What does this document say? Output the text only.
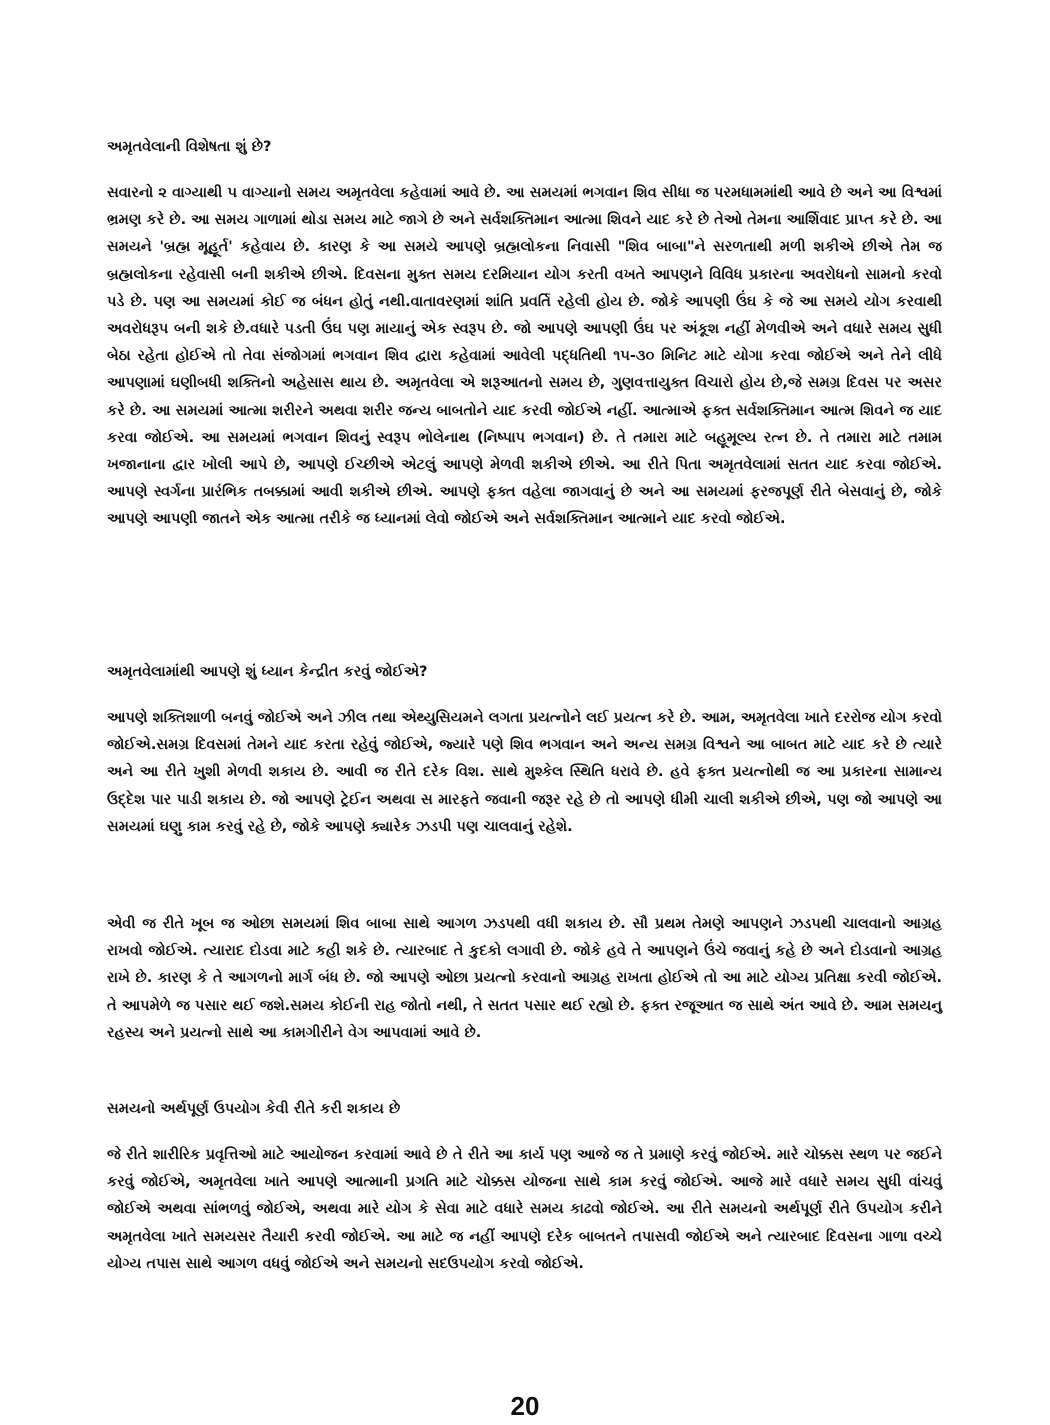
અમૃતવેલાની વિશેષતા શું છે?

સવારનો ૨ વાગ્યાથી ૫ વાગ્યાનો સમય અમૃતવેલા કહેવામાં આવે છે. આ સમયમાં ભગવાન શિવ સીધા જ પરમધામમાંથી આવે છે અને આ વિશ્વમાં ભ્રમણ કરે છે. આ સમય ગાળામાં થોડા સમય માટે જાગે છે અને સર્વશક્તિમાન આત્મા શિવને યાદ કરે છે તેઓ તેમના આર્શિવાદ પ્રાપ્ત કરે છે. આ સમયને 'બ્રહ્મ મૂહૂર્ત' કહેવાય છે. કારણ કે આ સમયે આપણે બ્રહ્મલોકના નિવાસી "શિવ બાબા"ને સરળતાથી મળી શકીએ છીએ તેમ જ બ્રહ્મલોકના રહેવાસી બની શકીએ છીએ. દિવસના મુક્ત સમય દરમિયાન યોગ કરતી વખતે આપણને વિવિધ પ્રકારના અવરોધનો સામનો કરવો પડે છે. પણ આ સમયમાં કોઈ જ બંધન હોતું નથી.વાતાવરણમાં શાંતિ પ્રવર્તિ રહેલી હોય છે. જોકે આપણી ઉંઘ કે જે આ સમયે યોગ કરવાથી અવરોધરૂપ બની શકે છે.વધારે પડતી ઉંઘ પણ માયાનું એક સ્વરૂપ છે. જો આપણે આપણી ઉંઘ પર અંકૂશ નહીં મેળવીએ અને વધારે સમય સુધી બેઠા રહેતા હોઈએ તો તેવા સંજોગમાં ભગવાન શિવ દ્વારા કહેવામાં આવેલી પદ્ધતિથી ૧૫-૩૦ મિનિટ માટે યોગા કરવા જોઈએ અને તેને લીધે આપણામાં ઘણીબધી શક્તિનો અહેસાસ થાય છે. અમૃતવેલા એ શરૂઆતનો સમય છે, ગુણવત્તાયુક્ત વિચારો હોય છે,જે સમગ્ર દિવસ પર અસર કરે છે. આ સમયમાં આત્મા શરીરને અથવા શરીર જન્ય બાબતોને યાદ કરવી જોઈએ નહીં. આત્માએ ફક્ત સર્વશક્તિમાન આત્મ શિવને જ યાદ કરવા જોઈએ. આ સમયમાં ભગવાન શિવનું સ્વરૂપ ભોલેનાથ (નિષ્પાપ ભગવાન) છે. તે તમારા માટે બહૂમૂલ્ય રત્ન છે. તે તમારા માટે તમામ ખજાનાના દ્વાર ખોલી આપે છે, આપણે ઈચ્છીએ એટલું આપણે મેળવી શકીએ છીએ. આ રીતે પિતા અમૃતવેલામાં સતત યાદ કરવા જોઈએ. આપણે સ્વર્ગના પ્રારંભિક તબક્કામાં આવી શકીએ છીએ. આપણે ફક્ત વહેલા જાગવાનું છે અને આ સમયમાં ફરજપૂર્ણ રીતે બેસવાનું છે, જોકે આપણે આપણી જાતને એક આત્મા તરીકે જ ધ્યાનમાં લેવો જોઈએ અને સર્વશક્તિમાન આત્માને યાદ કરવો જોઈએ.

અમૃતવેલામાંથી આપણે શું ધ્યાન કેન્દ્રીત કરવું જોઈએ?

આપણે શક્તિશાળી બનવું જોઈએ અને ઝીલ તથા એથ્યુસિયમને લગતા પ્રયત્નોને લઈ પ્રયત્ન કરે છે. આમ, અમૃતવેલા ખાતે દરરોજ યોગ કરવો જોઈએ.સમગ્ર દિવસમાં તેમને યાદ કરતા રહેવું જોઈએ, જ્યારે પણે શિવ ભગવાન અને અન્ય સમગ્ર વિશ્વને આ બાબત માટે યાદ કરે છે ત્યારે અને આ રીતે ખુશી મેળવી શકાય છે. આવી જ રીતે દરેક વિશ. સાથે મુશ્કેલ સ્થિતિ ધરાવે છે. હવે ફક્ત પ્રયત્નોથી જ આ પ્રકારના સામાન્ય ઉદ્દેશ પાર પાડી શકાય છે. જો આપણે ટ્રેઈન અથવા સ મારફતે જવાની જરૂર રહે છે તો આપણે ધીમી ચાલી શકીએ છીએ, પણ જો આપણે આ સમયમાં ઘણુ કામ કરવું રહે છે, જોકે આપણે ક્યારેક ઝડપી પણ ચાલવાનું રહેશે.

એવી જ રીતે ખૂબ જ ઓછા સમયમાં શિવ બાબા સાથે આગળ ઝડપથી વધી શકાય છે. સૌ પ્રથમ તેમણે આપણને ઝડપથી ચાલવાનો આગ્રહ રાખવો જોઈએ. ત્યારાદ દોડવા માટે કહી શકે છે. ત્યારબાદ તે કુદકો લગાવી છે. જોકે હવે તે આપણને ઉંચે જવાનું કહે છે અને દોડવાનો આગ્રહ રાખે છે. કારણ કે તે આગળનો માર્ગ બંધ છે. જો આપણે ઓછા પ્રયત્નો કરવાનો આગ્રહ રાખતા હોઈએ તો આ માટે યોગ્ય પ્રતિક્ષા કરવી જોઈએ. તે આપમેળે જ પસાર થઈ જશે.સમય કોઈની રાહ જોતો નથી, તે સતત પસાર થઈ રહ્યો છે. ફક્ત રજૂઆત જ સાથે અંત આવે છે. આમ સમયનુ રહસ્ય અને પ્રયત્નો સાથે આ કામગીરીને વેગ આપવામાં આવે છે.

સમયનો અર્થપૂર્ણ ઉપયોગ કેવી રીતે કરી શકાય છે

જે રીતે શારીરિક પ્રવૃત્તિઓ માટે આયોજન કરવામાં આવે છે તે રીતે આ કાર્ય પણ આજે જ તે પ્રમાણે કરવું જોઈએ. મારે ચોક્કસ સ્થળ પર જઈને કરવું જોઈએ, અમૃતવેલા ખાતે આપણે આત્માની પ્રગતિ માટે ચોક્કસ યોજના સાથે કામ કરવું જોઈએ. આજે મારે વધારે સમય સુધી વાંચવું જોઈએ અથવા સાંભળવું જોઈએ, અથવા મારે યોગ કે સેવા માટે વધારે સમય કાઢવો જોઈએ. આ રીતે સમયનો અર્થપૂર્ણ રીતે ઉપયોગ કરીને અમૃતવેલા ખાતે સમયસર તૈયારી કરવી જોઈએ. આ માટે જ નહીં આપણે દરેક બાબતને તપાસવી જોઈએ અને ત્યારબાદ દિવસના ગાળા વચ્ચે યોગ્ય તપાસ સાથે આગળ વધવું જોઈએ અને સમયનો સદઉપયોગ કરવો જોઈએ.

20
